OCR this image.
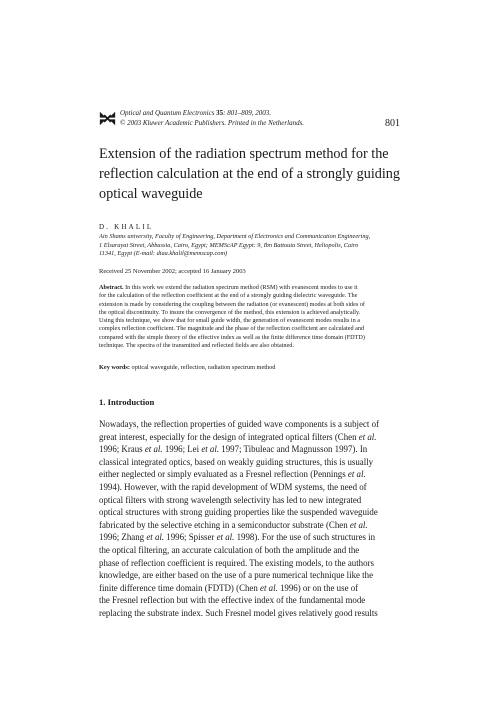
Optical and Quantum Electronics 35: 801–809, 2003.
© 2003 Kluwer Academic Publishers. Printed in the Netherlands.	801
Extension of the radiation spectrum method for the
reflection calculation at the end of a strongly guiding
optical waveguide
D. KHALIL
Ain Shams university, Faculty of Engineering, Department of Electronics and Communication Engineering,
1 Elsarayat Street, Abbassia, Cairo, Egypt; MEMScAP Egypt: 9, Ibn Battouta Street, Heliopolis, Cairo
11341, Egypt (E-mail: diaa.khalil@memscap.com)
Received 25 November 2002; accepted 16 January 2003
Abstract. In this work we extend the radiation spectrum method (RSM) with evanescent modes to use it
for the calculation of the reflection coefficient at the end of a strongly guiding dielectric waveguide. The
extension is made by considering the coupling between the radiation (or evanescent) modes at both sides of
the optical discontinuity. To insure the convergence of the method, this extension is achieved analytically.
Using this technique, we show that for small guide width, the generation of evanescent modes results in a
complex reflection coefficient. The magnitude and the phase of the reflection coefficient are calculated and
compared with the simple theory of the effective index as well as the finite difference time domain (FDTD)
technique. The spectra of the transmitted and reflected fields are also obtained.
Key words: optical waveguide, reflection, radiation spectrum method
1. Introduction
Nowadays, the reflection properties of guided wave components is a subject of
great interest, especially for the design of integrated optical filters (Chen et al.
1996; Kraus et al. 1996; Lei et al. 1997; Tibuleac and Magnusson 1997). In
classical integrated optics, based on weakly guiding structures, this is usually
either neglected or simply evaluated as a Fresnel reflection (Pennings et al.
1994). However, with the rapid development of WDM systems, the need of
optical filters with strong wavelength selectivity has led to new integrated
optical structures with strong guiding properties like the suspended waveguide
fabricated by the selective etching in a semiconductor substrate (Chen et al.
1996; Zhang et al. 1996; Spisser et al. 1998). For the use of such structures in
the optical filtering, an accurate calculation of both the amplitude and the
phase of reflection coefficient is required. The existing models, to the authors
knowledge, are either based on the use of a pure numerical technique like the
finite difference time domain (FDTD) (Chen et al. 1996) or on the use of
the Fresnel reflection but with the effective index of the fundamental mode
replacing the substrate index. Such Fresnel model gives relatively good results
